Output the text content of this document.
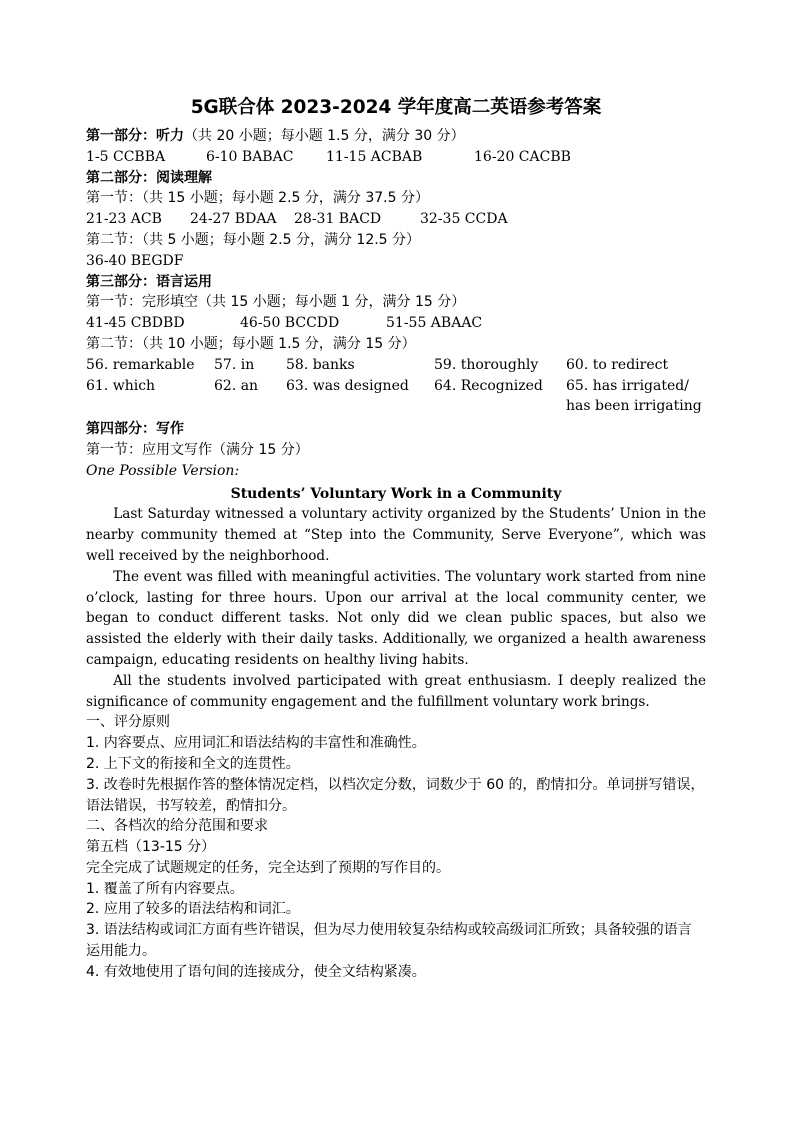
5G联合体 2023-2024 学年度高二英语参考答案
第一部分：听力（共 20 小题；每小题 1.5 分，满分 30 分）
1-5 CCBBA	6-10 BABAC	11-15 ACBAB	16-20 CACBB
第二部分：阅读理解
第一节：（共 15 小题；每小题 2.5 分，满分 37.5 分）
21-23 ACB	24-27 BDAA	28-31 BACD	32-35 CCDA
第二节：（共 5 小题；每小题 2.5 分，满分 12.5 分）
36-40 BEGDF
第三部分：语言运用
第一节：完形填空（共 15 小题；每小题 1 分，满分 15 分）
41-45 CBDBD	46-50 BCCDD	51-55 ABAAC
第二节：（共 10 小题；每小题 1.5 分，满分 15 分）
56. remarkable	57. in	58. banks	59. thoroughly	60. to redirect
61. which	62. an	63. was designed	64. Recognized	65. has irrigated/
has been irrigating
第四部分：写作
第一节：应用文写作（满分 15 分）
One Possible Version:
Students’ Voluntary Work in a Community
Last Saturday witnessed a voluntary activity organized by the Students’ Union in the nearby community themed at “Step into the Community, Serve Everyone”, which was well received by the neighborhood.
The event was filled with meaningful activities. The voluntary work started from nine o’clock, lasting for three hours. Upon our arrival at the local community center, we began to conduct different tasks. Not only did we clean public spaces, but also we assisted the elderly with their daily tasks. Additionally, we organized a health awareness campaign, educating residents on healthy living habits.
All the students involved participated with great enthusiasm. I deeply realized the significance of community engagement and the fulfillment voluntary work brings.
一、评分原则
1. 内容要点、应用词汇和语法结构的丰富性和准确性。
2. 上下文的衔接和全文的连贯性。
3. 改卷时先根据作答的整体情况定档，以档次定分数，词数少于 60 的，酌情扣分。单词拼写错误，语法错误，书写较差，酌情扣分。
二、各档次的给分范围和要求
第五档（13-15 分）
完全完成了试题规定的任务，完全达到了预期的写作目的。
1. 覆盖了所有内容要点。
2. 应用了较多的语法结构和词汇。
3. 语法结构或词汇方面有些许错误，但为尽力使用较复杂结构或较高级词汇所致；具备较强的语言
运用能力。
4. 有效地使用了语句间的连接成分，使全文结构紧凑。
